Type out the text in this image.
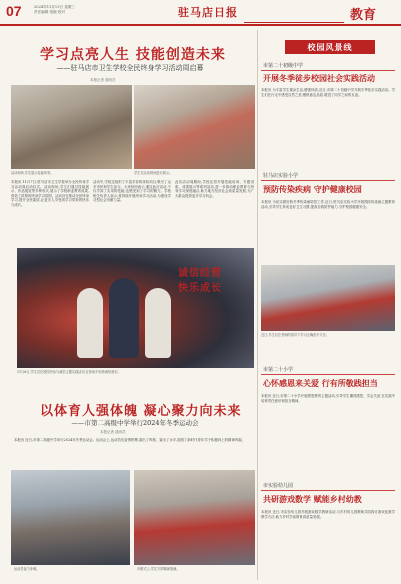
07	2024年11月13日 星期三
责任编辑 组版 校对	驻马店日报	教育
学习点亮人生 技能创造未来
——驻马店市卫生学校全民终身学习活动周启幕
本报记者 通讯员
活动现场,学生展示技能风采。	学生在活动现场进行展示。
本报讯 11月7日,驻马店市卫生学校举办全民终身学习活动周启动仪式。活动现场,学生们通过技能展示、作品展览等多种形式,展示了学校职业教育成果,营造了浓厚的终身学习氛围。活动旨在推动全民终身学习,提升全民素质,让更多人享受到学习带来的快乐与成长。
活动中,学校还组织了丰富多彩的体验项目,吸引了众多市民和学生参与。大家纷纷表示,通过此次活动,不仅学到了实用的技能,也感受到了学习的魅力。学校相关负责人表示,将持续开展终身学习活动,为建设学习型社会贡献力量。
此次活动周期间,学校还将开展技能培训、专题讲座、成果展示等系列活动,进一步推动职业教育与终身学习深度融合,助力地方经济社会高质量发展,为广大群众提供更多学习机会。
诚信经营
快乐成长
11月6日,学生们在校园内参与诚信主题实践活动,在体验中培养诚信意识。
以体育人强体魄 凝心聚力向未来
——市第二高级中学举行2024年冬季运动会
本报记者 通讯员
本报讯 近日,市第二高级中学举行2024年冬季运动会。运动会上,运动员们奋勇拼搏,赛出了风格、赛出了水平,展现了新时代青年学子积极向上的精神风貌。
运动员奋力冲刺。	开幕式上,学生方阵精神饱满。
校园风景线
市第二十初级中学
开展冬季徒步校园社会实践活动
本报讯 为丰富学生课余生活,增强体质,近日,市第二十初级中学开展冬季徒步实践活动。学生们在行走中感受自然之美,锻炼意志品质,增进了同学之间的友谊。
驻马店实验小学
预防传染疾病 守护健康校园
本报讯 为切实做好秋冬季传染病防控工作,近日,驻马店实验小学开展预防传染病主题教育活动,引导学生养成良好卫生习惯,提高自我防护能力,守护校园健康安全。
近日,学生们在老师的指导下学习正确洗手方法。
市第二十小学
心怀感恩来关爱 行有所敬践担当
本报讯 近日,市第二十小学开展感恩教育主题活动,引导学生懂得感恩、学会关爱,在实践中培养责任意识和担当精神。
市实验幼儿园
共研游戏数学 赋能乡村幼教
本报讯 近日,市实验幼儿园开展游戏数学教研活动,与乡村幼儿园教师共同探讨游戏化数学教学方法,助力乡村学前教育高质量发展。
